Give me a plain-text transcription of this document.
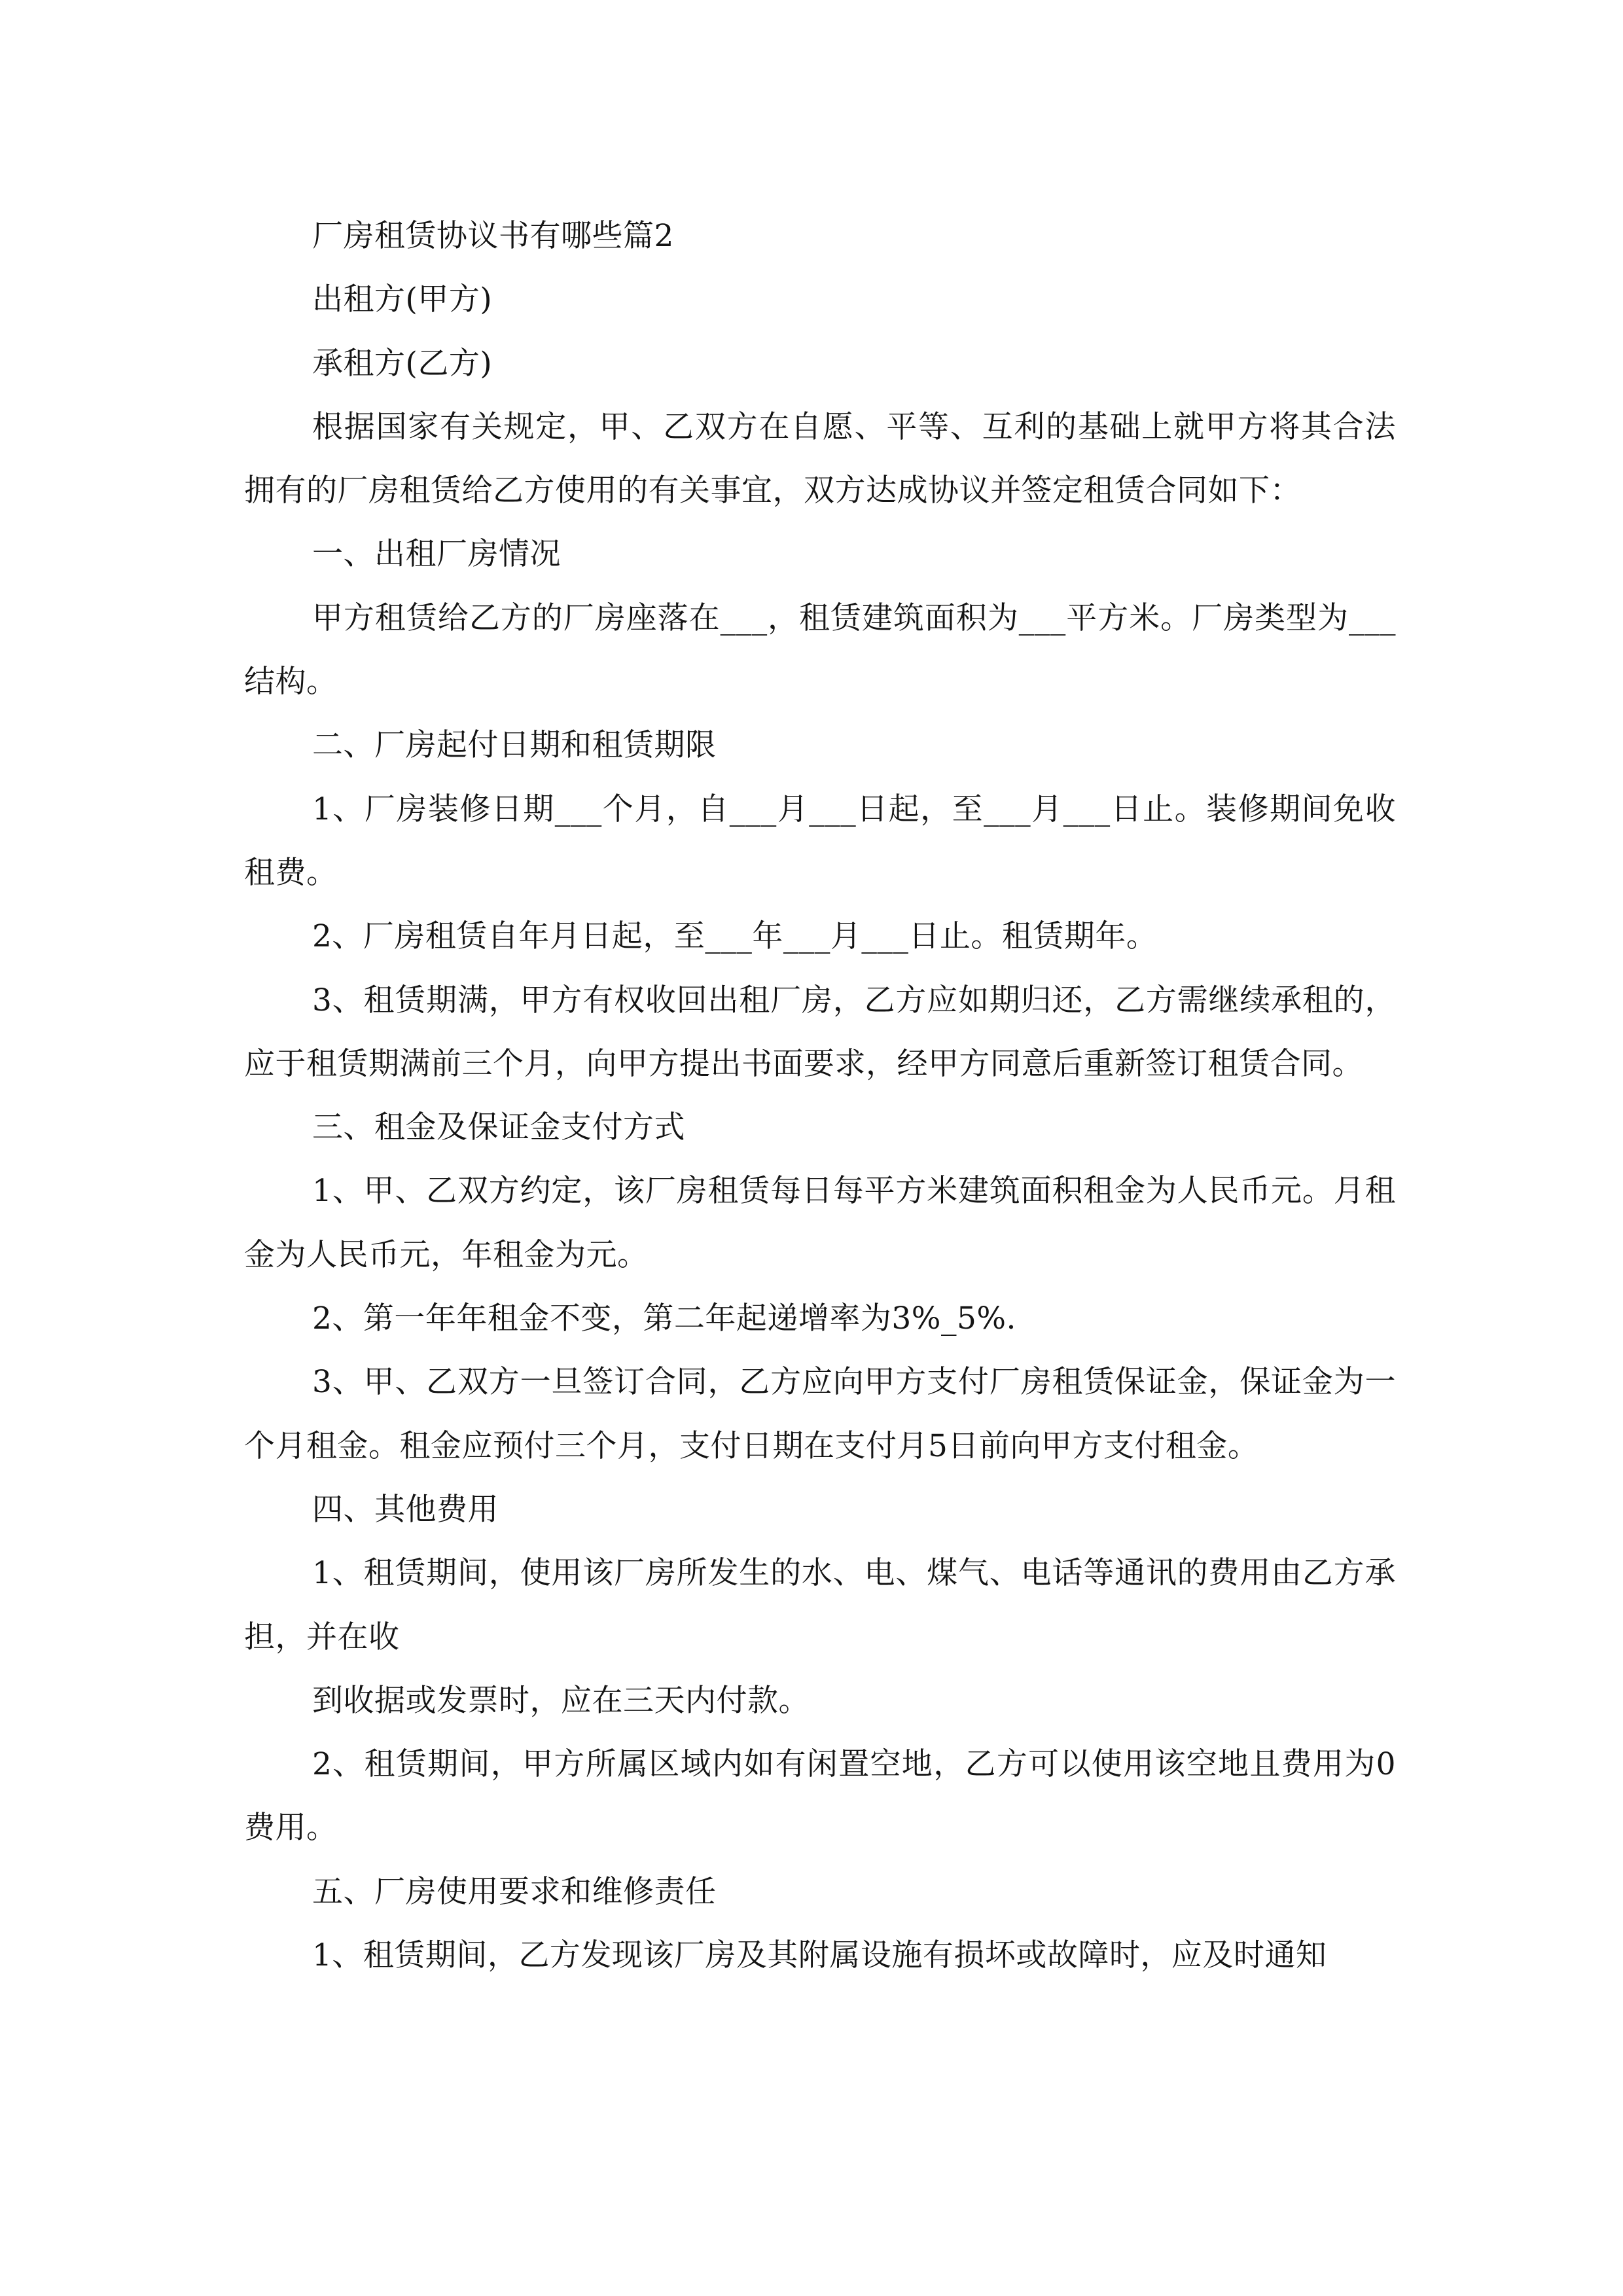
厂房租赁协议书有哪些篇2

出租方(甲方)

承租方(乙方)

根据国家有关规定，甲、乙双方在自愿、平等、互利的基础上就甲方将其合法拥有的厂房租赁给乙方使用的有关事宜，双方达成协议并签定租赁合同如下：

一、出租厂房情况

甲方租赁给乙方的厂房座落在___，租赁建筑面积为___平方米。厂房类型为___结构。

二、厂房起付日期和租赁期限

1、厂房装修日期___个月，自___月___日起，至___月___日止。装修期间免收租费。

2、厂房租赁自年月日起，至___年___月___日止。租赁期年。

3、租赁期满，甲方有权收回出租厂房，乙方应如期归还，乙方需继续承租的，应于租赁期满前三个月，向甲方提出书面要求，经甲方同意后重新签订租赁合同。

三、租金及保证金支付方式

1、甲、乙双方约定，该厂房租赁每日每平方米建筑面积租金为人民币元。月租金为人民币元，年租金为元。

2、第一年年租金不变，第二年起递增率为3%_5%.

3、甲、乙双方一旦签订合同，乙方应向甲方支付厂房租赁保证金，保证金为一个月租金。租金应预付三个月，支付日期在支付月5日前向甲方支付租金。

四、其他费用

1、租赁期间，使用该厂房所发生的水、电、煤气、电话等通讯的费用由乙方承担，并在收

到收据或发票时，应在三天内付款。

2、租赁期间，甲方所属区域内如有闲置空地，乙方可以使用该空地且费用为0费用。

五、厂房使用要求和维修责任

1、租赁期间，乙方发现该厂房及其附属设施有损坏或故障时，应及时通知
